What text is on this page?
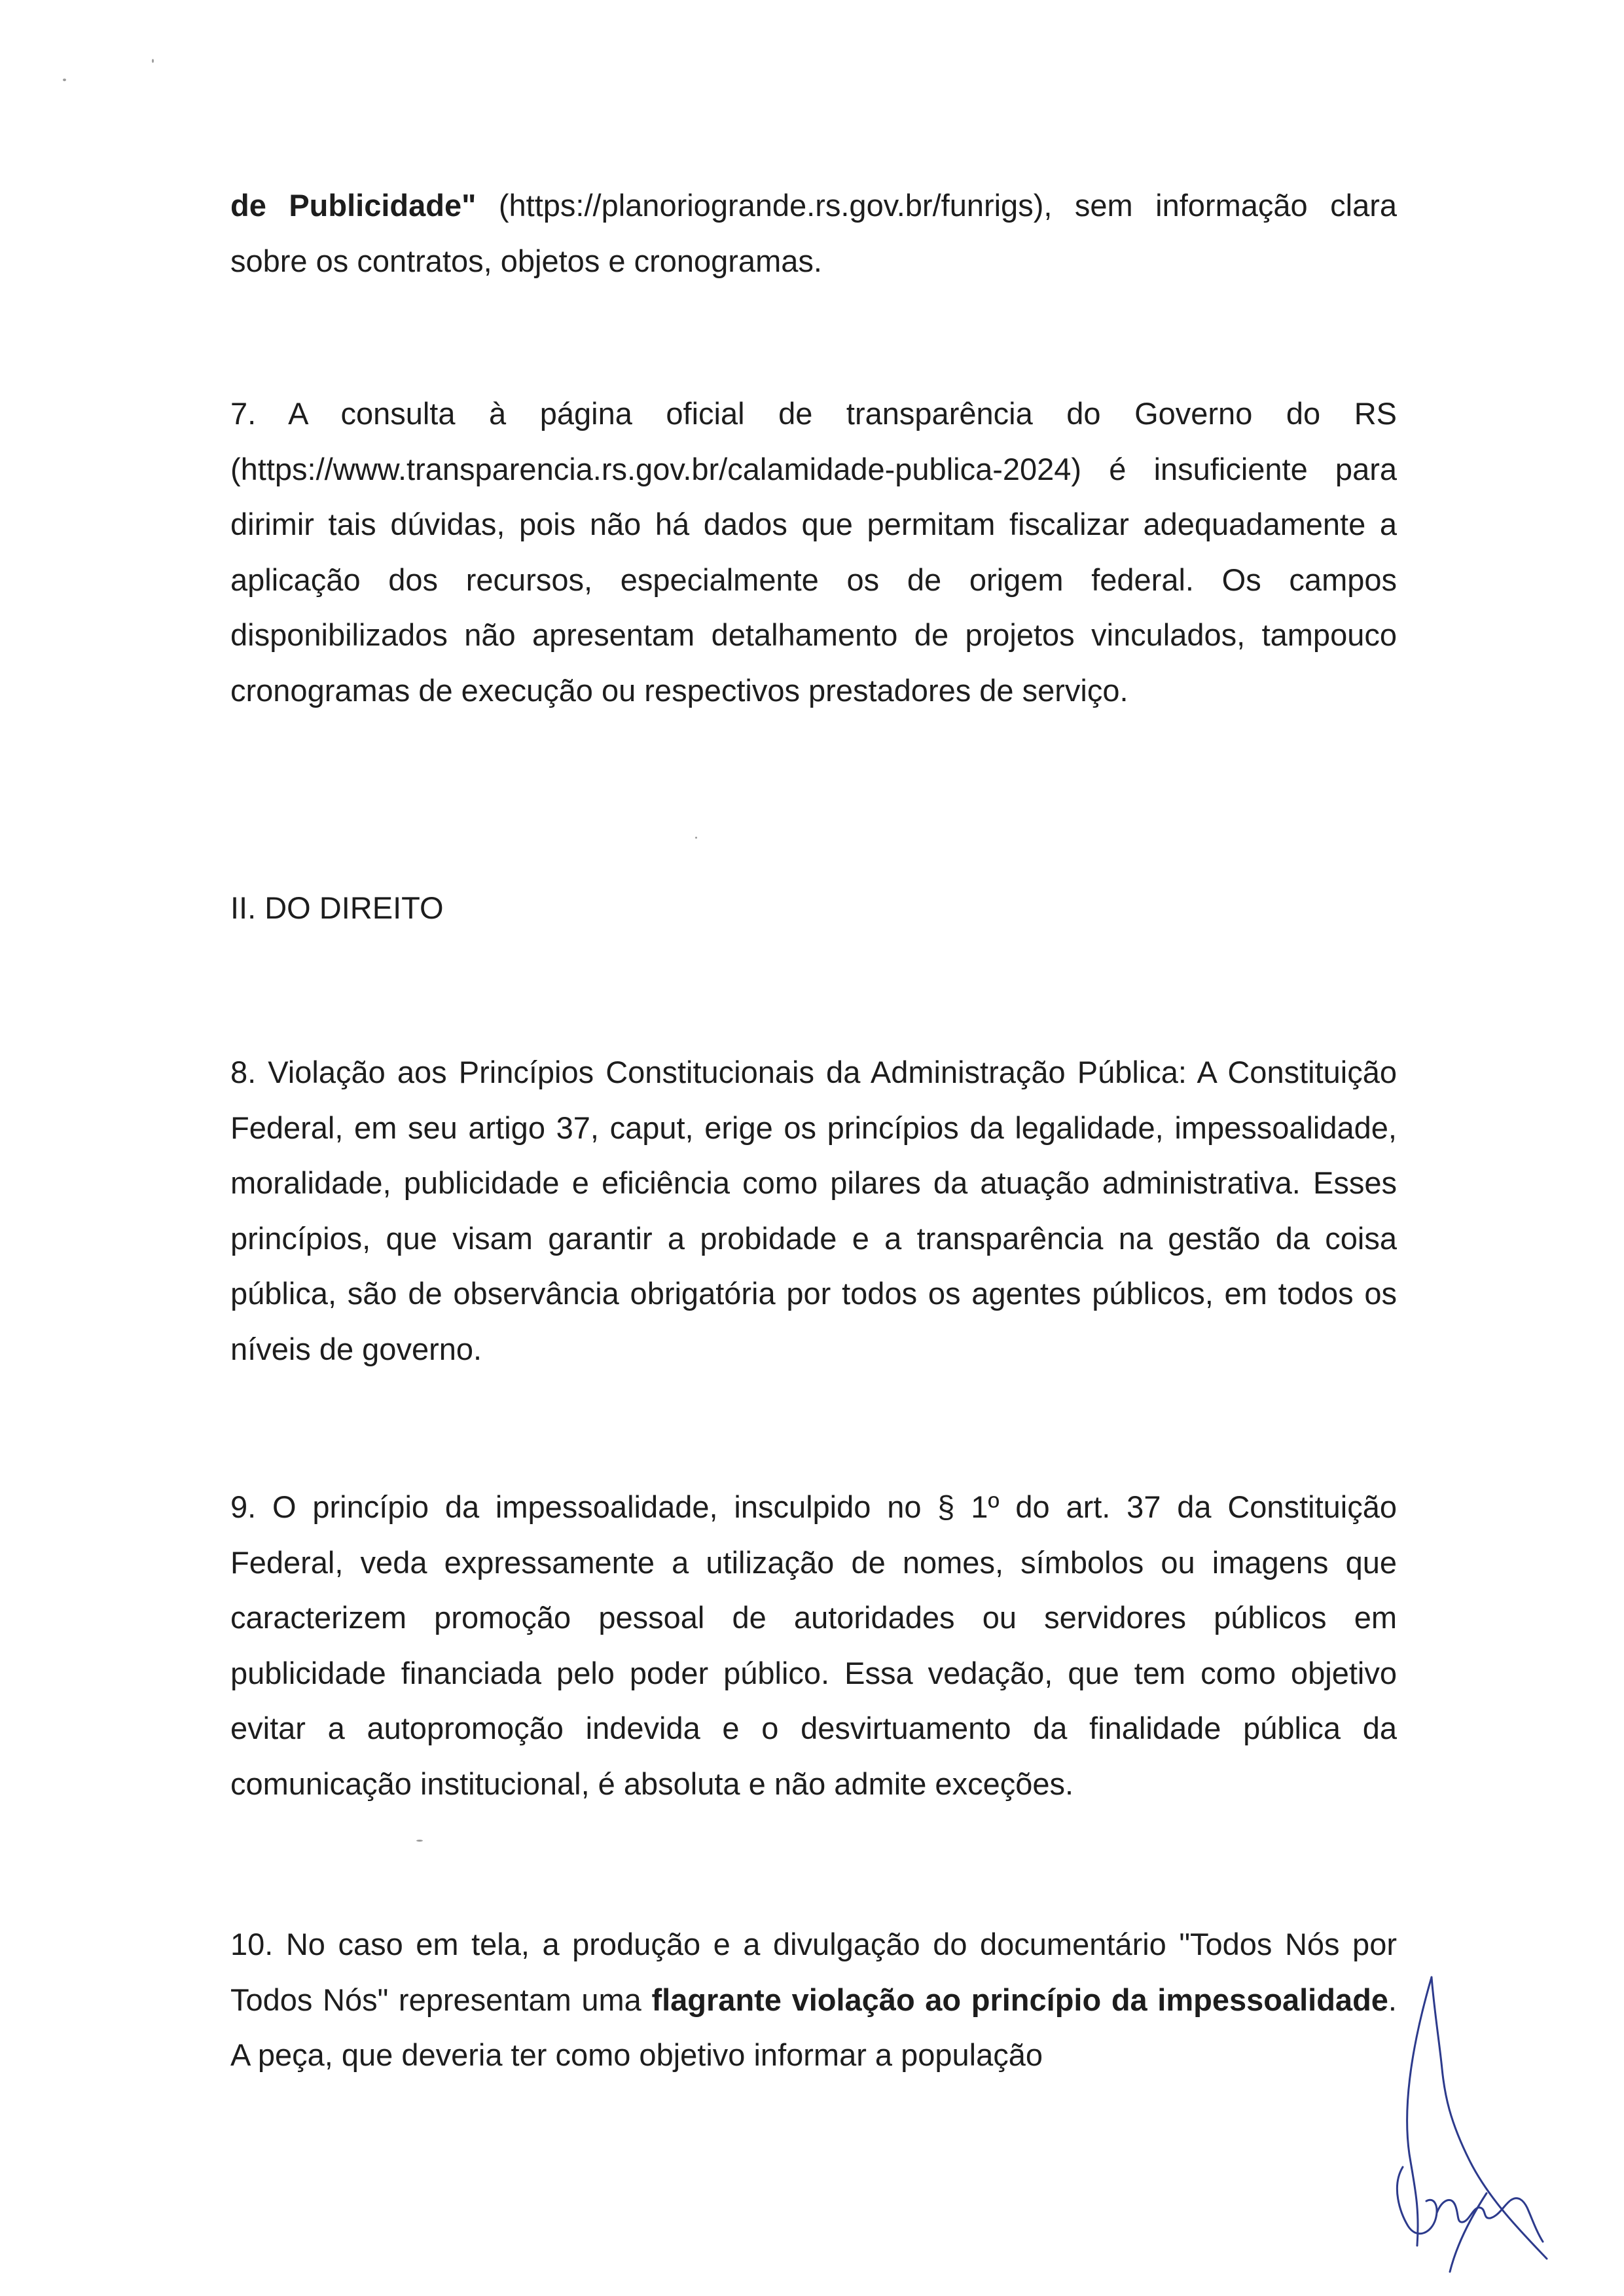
de Publicidade" (https://planoriogrande.rs.gov.br/funrigs), sem informação clara sobre os contratos, objetos e cronogramas.

7. A consulta à página oficial de transparência do Governo do RS (https://www.transparencia.rs.gov.br/calamidade-publica-2024) é insuficiente para dirimir tais dúvidas, pois não há dados que permitam fiscalizar adequadamente a aplicação dos recursos, especialmente os de origem federal. Os campos disponibilizados não apresentam detalhamento de projetos vinculados, tampouco cronogramas de execução ou respectivos prestadores de serviço.

II. DO DIREITO

8. Violação aos Princípios Constitucionais da Administração Pública: A Constituição Federal, em seu artigo 37, caput, erige os princípios da legalidade, impessoalidade, moralidade, publicidade e eficiência como pilares da atuação administrativa. Esses princípios, que visam garantir a probidade e a transparência na gestão da coisa pública, são de observância obrigatória por todos os agentes públicos, em todos os níveis de governo.

9. O princípio da impessoalidade, insculpido no § 1º do art. 37 da Constituição Federal, veda expressamente a utilização de nomes, símbolos ou imagens que caracterizem promoção pessoal de autoridades ou servidores públicos em publicidade financiada pelo poder público. Essa vedação, que tem como objetivo evitar a autopromoção indevida e o desvirtuamento da finalidade pública da comunicação institucional, é absoluta e não admite exceções.

10. No caso em tela, a produção e a divulgação do documentário "Todos Nós por Todos Nós" representam uma flagrante violação ao princípio da impessoalidade. A peça, que deveria ter como objetivo informar a população
